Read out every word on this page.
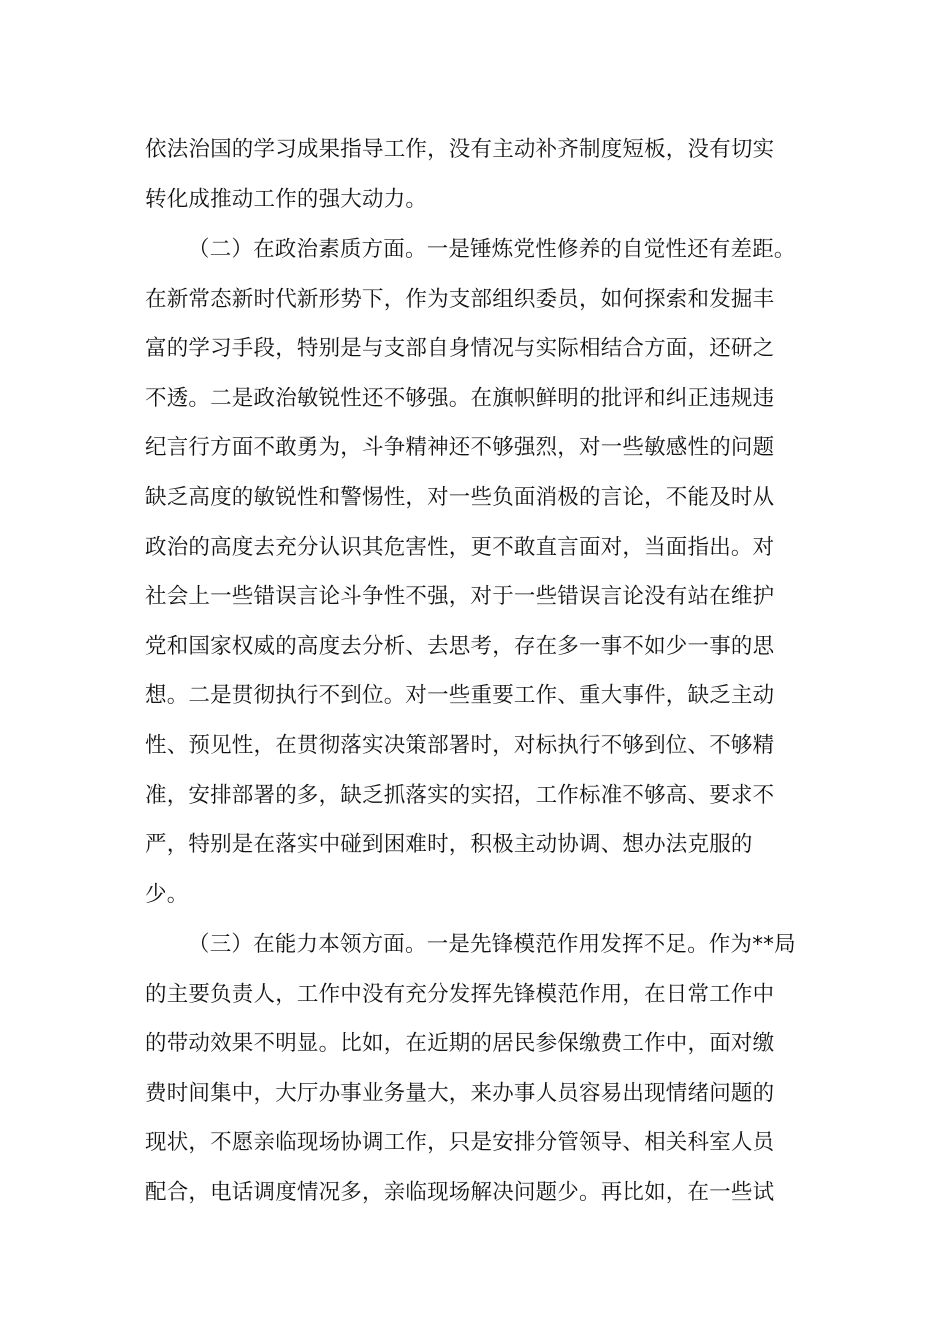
依法治国的学习成果指导工作，没有主动补齐制度短板，没有切实
转化成推动工作的强大动力。

（二）在政治素质方面。一是锤炼党性修养的自觉性还有差距。
在新常态新时代新形势下，作为支部组织委员，如何探索和发掘丰
富的学习手段，特别是与支部自身情况与实际相结合方面，还研之
不透。二是政治敏锐性还不够强。在旗帜鲜明的批评和纠正违规违
纪言行方面不敢勇为，斗争精神还不够强烈，对一些敏感性的问题
缺乏高度的敏锐性和警惕性，对一些负面消极的言论，不能及时从
政治的高度去充分认识其危害性，更不敢直言面对，当面指出。对
社会上一些错误言论斗争性不强，对于一些错误言论没有站在维护
党和国家权威的高度去分析、去思考，存在多一事不如少一事的思
想。二是贯彻执行不到位。对一些重要工作、重大事件，缺乏主动
性、预见性，在贯彻落实决策部署时，对标执行不够到位、不够精
准，安排部署的多，缺乏抓落实的实招，工作标准不够高、要求不
严，特别是在落实中碰到困难时，积极主动协调、想办法克服的
少。

（三）在能力本领方面。一是先锋模范作用发挥不足。作为**局
的主要负责人，工作中没有充分发挥先锋模范作用，在日常工作中
的带动效果不明显。比如，在近期的居民参保缴费工作中，面对缴
费时间集中，大厅办事业务量大，来办事人员容易出现情绪问题的
现状，不愿亲临现场协调工作，只是安排分管领导、相关科室人员
配合，电话调度情况多，亲临现场解决问题少。再比如，在一些试
